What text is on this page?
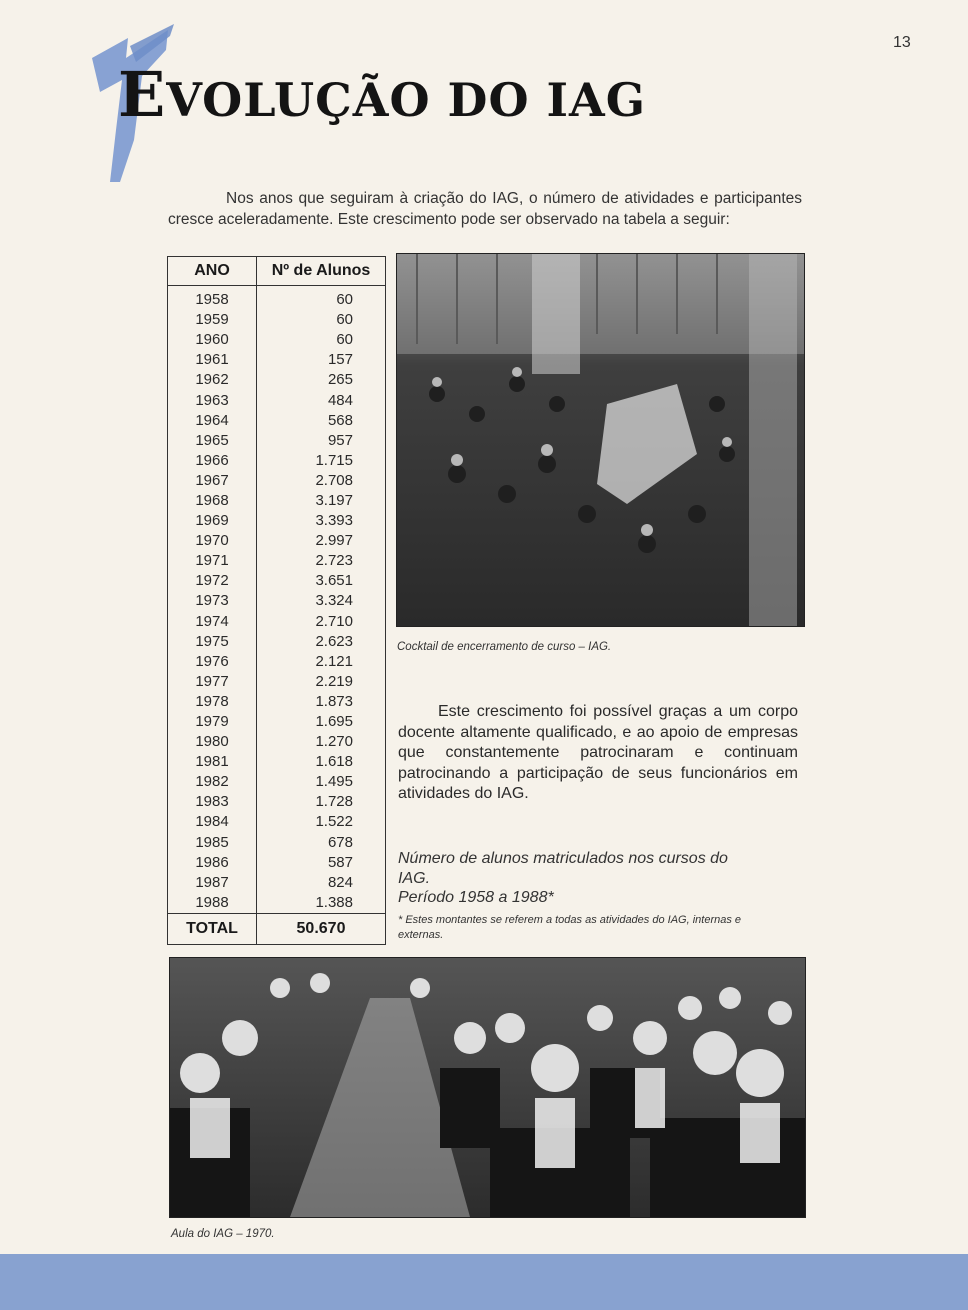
13
EVOLUÇÃO DO IAG

Nos anos que seguiram à criação do IAG, o número de atividades e participantes cresce aceleradamente. Este crescimento pode ser observado na tabela a seguir:

ANO	Nº de Alunos

1958	60
1959	60
1960	60
1961	157
1962	265
1963	484
1964	568
1965	957
1966	1.715
1967	2.708
1968	3.197
1969	3.393
1970	2.997
1971	2.723
1972	3.651
1973	3.324
1974	2.710
1975	2.623
1976	2.121
1977	2.219
1978	1.873
1979	1.695
1980	1.270
1981	1.618
1982	1.495
1983	1.728
1984	1.522
1985	678
1986	587
1987	824
1988	1.388
TOTAL	50.670

Cocktail de encerramento de curso – IAG.

Este crescimento foi possível graças a um corpo docente altamente qualificado, e ao apoio de empresas que constantemente patrocinaram e continuam patrocinando a participação de seus funcionários em atividades do IAG.

Número de alunos matriculados nos cursos do IAG.
Período 1958 a 1988*

* Estes montantes se referem a todas as atividades do IAG, internas e externas.

Aula do IAG – 1970.
